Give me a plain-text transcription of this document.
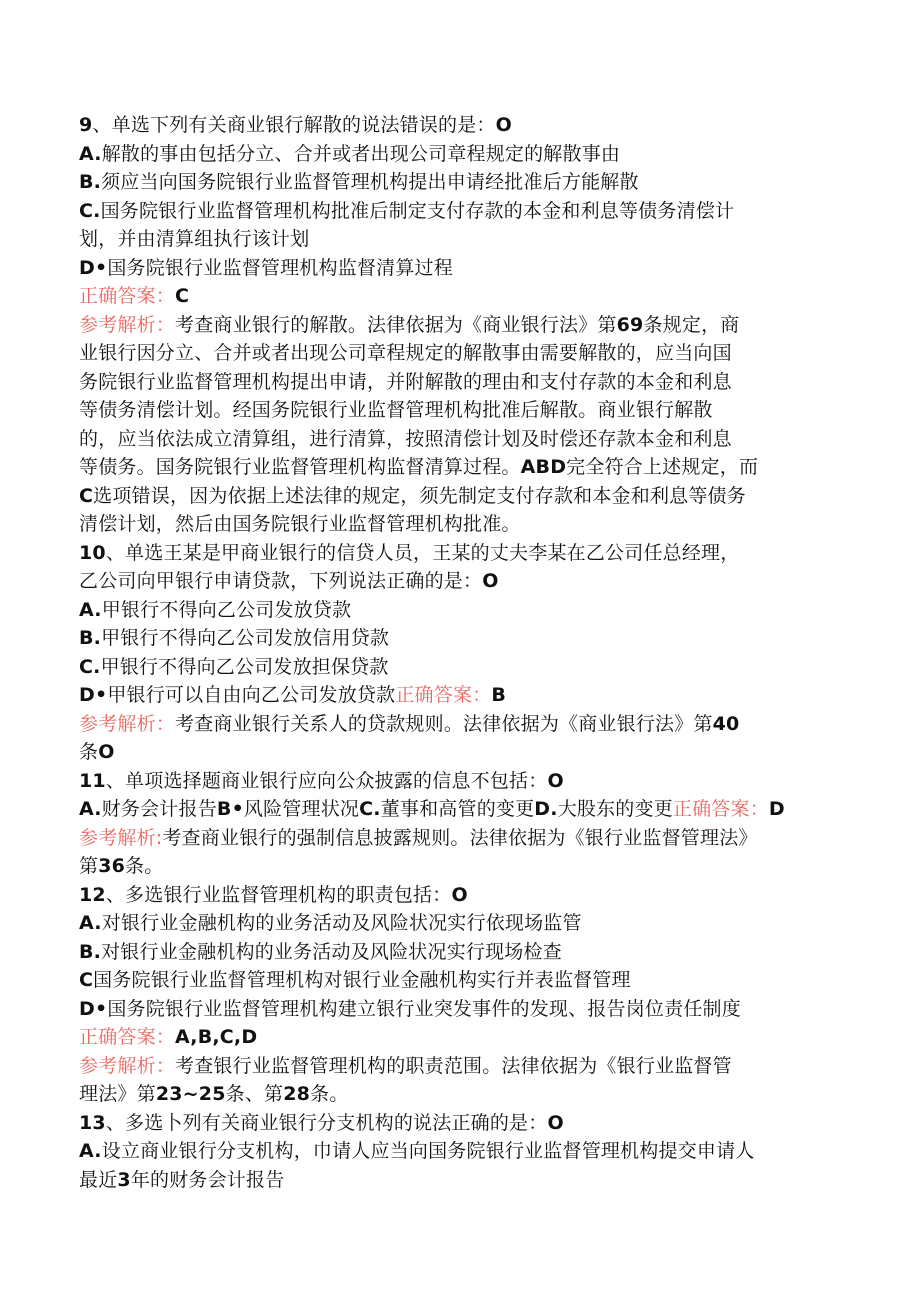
9、单选下列有关商业银行解散的说法错误的是：O
A.解散的事由包括分立、合并或者出现公司章程规定的解散事由
B.须应当向国务院银行业监督管理机构提出申请经批准后方能解散
C.国务院银行业监督管理机构批准后制定支付存款的本金和利息等债务清偿计
划，并由清算组执行该计划
D•国务院银行业监督管理机构监督清算过程
正确答案：C
参考解析：考查商业银行的解散。法律依据为《商业银行法》第69条规定，商
业银行因分立、合并或者出现公司章程规定的解散事由需要解散的，应当向国
务院银行业监督管理机构提出申请，并附解散的理由和支付存款的本金和利息
等债务清偿计划。经国务院银行业监督管理机构批准后解散。商业银行解散
的，应当依法成立清算组，进行清算，按照清偿计划及时偿还存款本金和利息
等债务。国务院银行业监督管理机构监督清算过程。ABD完全符合上述规定，而
C选项错误，因为依据上述法律的规定，须先制定支付存款和本金和利息等债务
清偿计划，然后由国务院银行业监督管理机构批准。
10、单选王某是甲商业银行的信贷人员，王某的丈夫李某在乙公司任总经理，
乙公司向甲银行申请贷款，下列说法正确的是：O
A.甲银行不得向乙公司发放贷款
B.甲银行不得向乙公司发放信用贷款
C.甲银行不得向乙公司发放担保贷款
D•甲银行可以自由向乙公司发放贷款正确答案：B
参考解析：考查商业银行关系人的贷款规则。法律依据为《商业银行法》第40
条O
11、单项选择题商业银行应向公众披露的信息不包括：O
A.财务会计报告B•风险管理状况C.董事和高管的变更D.大股东的变更正确答案：D
参考解析:考查商业银行的强制信息披露规则。法律依据为《银行业监督管理法》
第36条。
12、多选银行业监督管理机构的职责包括：O
A.对银行业金融机构的业务活动及风险状况实行依现场监管
B.对银行业金融机构的业务活动及风险状况实行现场检查
C国务院银行业监督管理机构对银行业金融机构实行并表监督管理
D•国务院银行业监督管理机构建立银行业突发事件的发现、报告岗位责任制度
正确答案：A,B,C,D
参考解析：考查银行业监督管理机构的职责范围。法律依据为《银行业监督管
理法》第23~25条、第28条。
13、多选卜列有关商业银行分支机构的说法正确的是：O
A.设立商业银行分支机构，巾请人应当向国务院银行业监督管理机构提交申请人
最近3年的财务会计报告
